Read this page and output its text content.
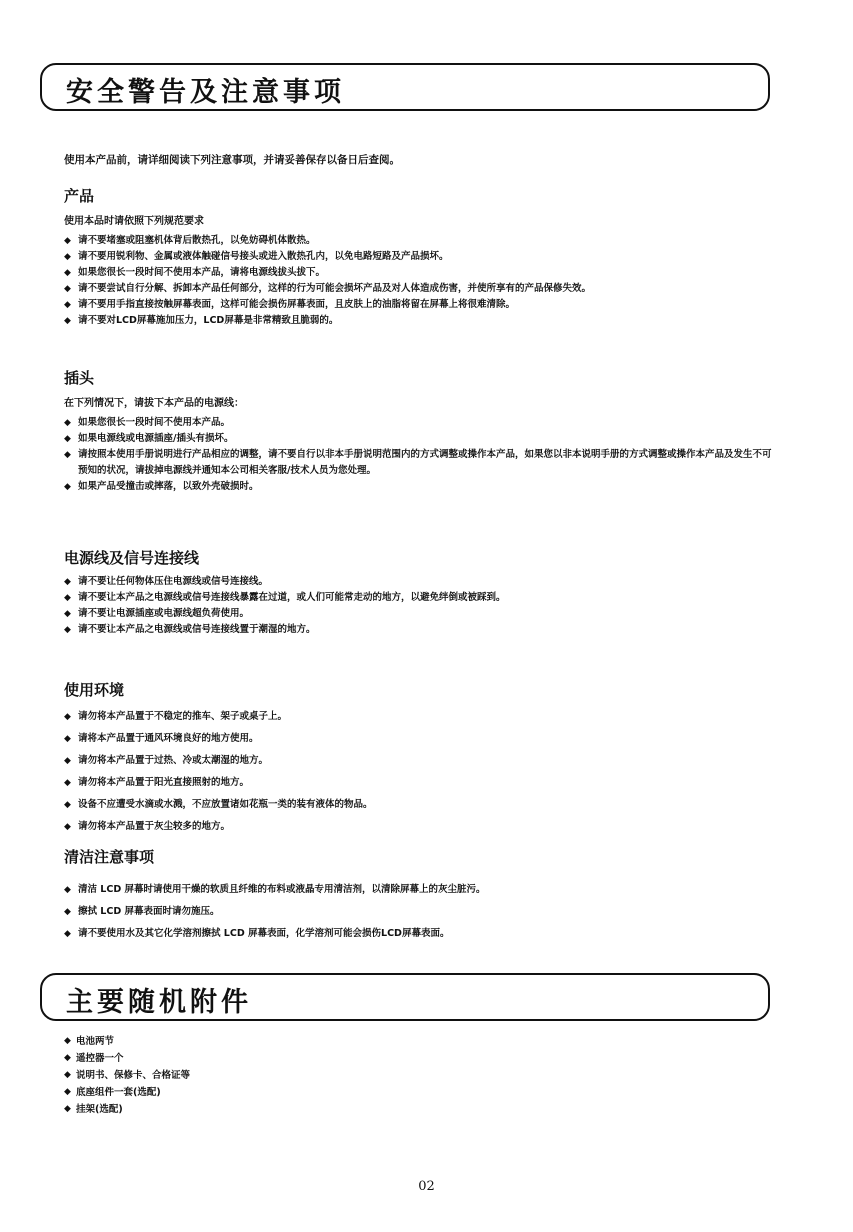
安全警告及注意事项
使用本产品前，请详细阅读下列注意事项，并请妥善保存以备日后查阅。
产品
使用本品时请依照下列规范要求
◆ 请不要堵塞或阻塞机体背后散热孔，以免妨碍机体散热。
◆ 请不要用锐利物、金属或液体触碰信号接头或进入散热孔内，以免电路短路及产品损坏。
◆ 如果您很长一段时间不使用本产品，请将电源线拔头拔下。
◆ 请不要尝试自行分解、拆卸本产品任何部分，这样的行为可能会损坏产品及对人体造成伤害，并使所享有的产品保修失效。
◆ 请不要用手指直接按触屏幕表面，这样可能会损伤屏幕表面，且皮肤上的油脂将留在屏幕上将很难清除。
◆ 请不要对LCD屏幕施加压力，LCD屏幕是非常精致且脆弱的。
插头
在下列情况下，请拔下本产品的电源线：
◆ 如果您很长一段时间不使用本产品。
◆ 如果电源线或电源插座/插头有损坏。
◆ 请按照本使用手册说明进行产品相应的调整，请不要自行以非本手册说明范围内的方式调整或操作本产品，如果您以非本说明手册的方式调整或操作本产品及发生不可预知的状况，请拔掉电源线并通知本公司相关客服/技术人员为您处理。
◆ 如果产品受撞击或摔落，以致外壳破损时。
电源线及信号连接线
◆ 请不要让任何物体压住电源线或信号连接线。
◆ 请不要让本产品之电源线或信号连接线暴露在过道，或人们可能常走动的地方，以避免绊倒或被踩到。
◆ 请不要让电源插座或电源线超负荷使用。
◆ 请不要让本产品之电源线或信号连接线置于潮湿的地方。
使用环境
◆ 请勿将本产品置于不稳定的推车、架子或桌子上。
◆ 请将本产品置于通风环境良好的地方使用。
◆ 请勿将本产品置于过热、冷或太潮湿的地方。
◆ 请勿将本产品置于阳光直接照射的地方。
◆ 设备不应遭受水滴或水溅，不应放置诸如花瓶一类的装有液体的物品。
◆ 请勿将本产品置于灰尘较多的地方。
清洁注意事项
◆ 清洁 LCD 屏幕时请使用干燥的软质且纤维的布料或液晶专用清洁剂，以清除屏幕上的灰尘脏污。
◆ 擦拭 LCD 屏幕表面时请勿施压。
◆ 请不要使用水及其它化学溶剂擦拭 LCD 屏幕表面，化学溶剂可能会损伤LCD屏幕表面。
主要随机附件
◆ 电池两节
◆ 遥控器一个
◆ 说明书、保修卡、合格证等
◆ 底座组件一套(选配)
◆ 挂架(选配)
02
